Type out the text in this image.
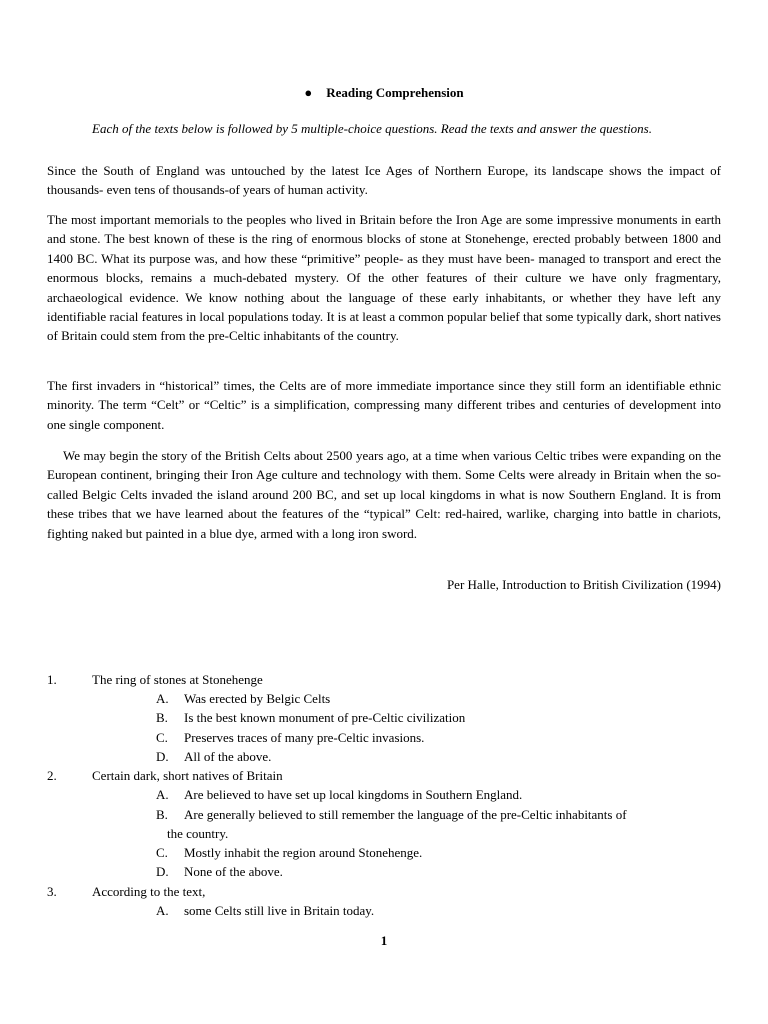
● Reading Comprehension
Each of the texts below is followed by 5 multiple-choice questions. Read the texts and answer the questions.
Since the South of England was untouched by the latest Ice Ages of Northern Europe, its landscape shows the impact of thousands- even tens of thousands-of years of human activity.
The most important memorials to the peoples who lived in Britain before the Iron Age are some impressive monuments in earth and stone. The best known of these is the ring of enormous blocks of stone at Stonehenge, erected probably between 1800 and 1400 BC. What its purpose was, and how these “primitive” people- as they must have been- managed to transport and erect the enormous blocks, remains a much-debated mystery. Of the other features of their culture we have only fragmentary, archaeological evidence. We know nothing about the language of these early inhabitants, or whether they have left any identifiable racial features in local populations today. It is at least a common popular belief that some typically dark, short natives of Britain could stem from the pre-Celtic inhabitants of the country.
The first invaders in “historical” times, the Celts are of more immediate importance since they still form an identifiable ethnic minority. The term “Celt” or “Celtic” is a simplification, compressing many different tribes and centuries of development into one single component.
We may begin the story of the British Celts about 2500 years ago, at a time when various Celtic tribes were expanding on the European continent, bringing their Iron Age culture and technology with them. Some Celts were already in Britain when the so-called Belgic Celts invaded the island around 200 BC, and set up local kingdoms in what is now Southern England. It is from these tribes that we have learned about the features of the “typical” Celt: red-haired, warlike, charging into battle in chariots, fighting naked but painted in a blue dye, armed with a long iron sword.
Per Halle, Introduction to British Civilization (1994)
1.	The ring of stones at Stonehenge
A. Was erected by Belgic Celts
B. Is the best known monument of pre-Celtic civilization
C. Preserves traces of many pre-Celtic invasions.
D. All of the above.
2.	Certain dark, short natives of Britain
A. Are believed to have set up local kingdoms in Southern England.
B. Are generally believed to still remember the language of the pre-Celtic inhabitants of
the country.
C. Mostly inhabit the region around Stonehenge.
D. None of the above.
3.	According to the text,
A. some Celts still live in Britain today.
1
